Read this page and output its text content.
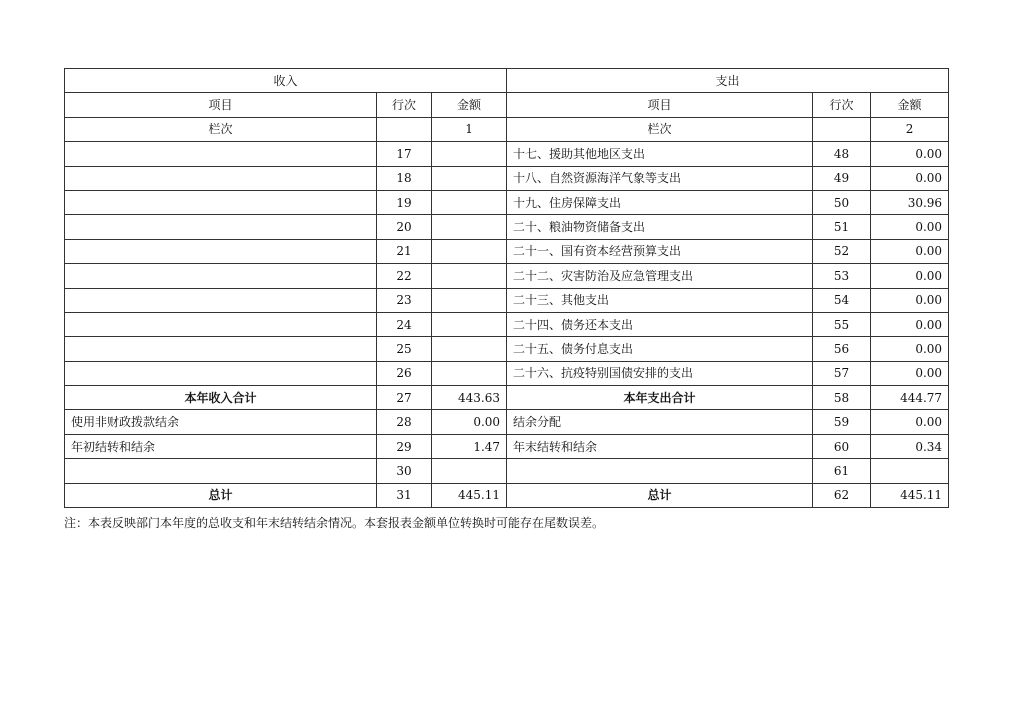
收入			支出		
项目	行次	金额	项目	行次	金额
栏次		1	栏次		2
	17		十七、援助其他地区支出	48	0.00
	18		十八、自然资源海洋气象等支出	49	0.00
	19		十九、住房保障支出	50	30.96
	20		二十、粮油物资储备支出	51	0.00
	21		二十一、国有资本经营预算支出	52	0.00
	22		二十二、灾害防治及应急管理支出	53	0.00
	23		二十三、其他支出	54	0.00
	24		二十四、债务还本支出	55	0.00
	25		二十五、债务付息支出	56	0.00
	26		二十六、抗疫特别国债安排的支出	57	0.00
本年收入合计	27	443.63	本年支出合计	58	444.77
使用非财政拨款结余	28	0.00	结余分配	59	0.00
年初结转和结余	29	1.47	年末结转和结余	60	0.34
	30			61	
总计	31	445.11	总计	62	445.11
注：本表反映部门本年度的总收支和年末结转结余情况。本套报表金额单位转换时可能存在尾数误差。
